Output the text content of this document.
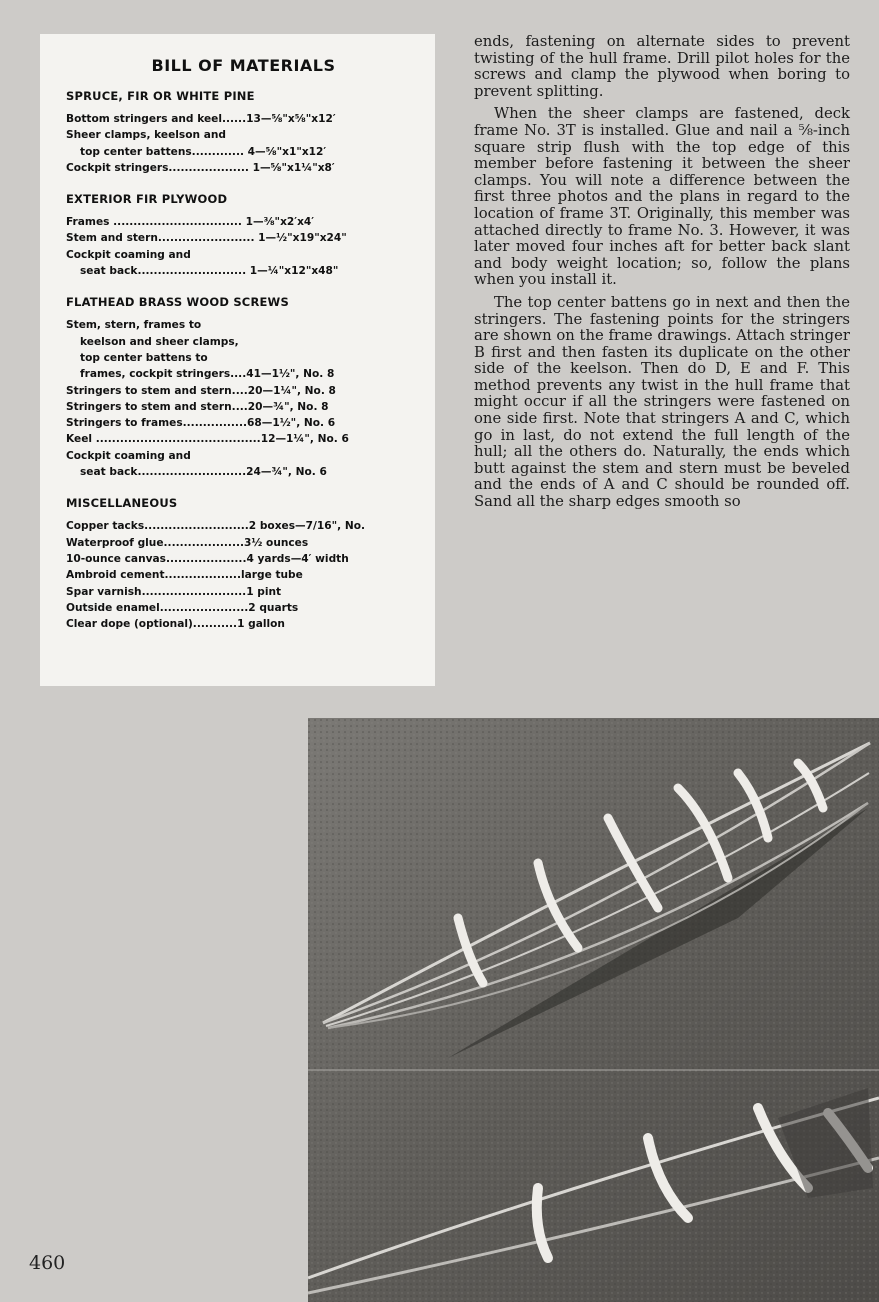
BILL OF MATERIALS
SPRUCE, FIR OR WHITE PINE
Bottom stringers and keel......13—⅝"x⅝"x12′
Sheer clamps, keelson and
top center battens............. 4—⅝"x1"x12′
Cockpit stringers.................... 1—⅝"x1¼"x8′
EXTERIOR FIR PLYWOOD
Frames ................................ 1—⅜"x2′x4′
Stem and stern........................ 1—½"x19"x24"
Cockpit coaming and
seat back........................... 1—¼"x12"x48"
FLATHEAD BRASS WOOD SCREWS
Stem, stern, frames to
keelson and sheer clamps,
top center battens to
frames, cockpit stringers....41—1½", No. 8
Stringers to stem and stern....20—1¼", No. 8
Stringers to stem and stern....20—¾", No. 8
Stringers to frames................68—1½", No. 6
Keel .........................................12—1¼", No. 6
Cockpit coaming and
seat back...........................24—¾", No. 6
MISCELLANEOUS
Copper tacks..........................2 boxes—7/16", No.
Waterproof glue....................3½ ounces
10-ounce canvas....................4 yards—4′ width
Ambroid cement...................large tube
Spar varnish..........................1 pint
Outside enamel......................2 quarts
Clear dope (optional)...........1 gallon

ends, fastening on alternate sides to prevent twisting of the hull frame. Drill pilot holes for the screws and clamp the plywood when boring to prevent splitting.

When the sheer clamps are fastened, deck frame No. 3T is installed. Glue and nail a ⅝-inch square strip flush with the top edge of this member before fastening it between the sheer clamps. You will note a difference between the first three photos and the plans in regard to the location of frame 3T. Originally, this member was attached directly to frame No. 3. However, it was later moved four inches aft for better back slant and body weight location; so, follow the plans when you install it.

The top center battens go in next and then the stringers. The fastening points for the stringers are shown on the frame drawings. Attach stringer B first and then fasten its duplicate on the other side of the keelson. Then do D, E and F. This method prevents any twist in the hull frame that might occur if all the stringers were fastened on one side first. Note that stringers A and C, which go in last, do not extend the full length of the hull; all the others do. Naturally, the ends which butt against the stem and stern must be beveled and the ends of A and C should be rounded off. Sand all the sharp edges smooth so

460
